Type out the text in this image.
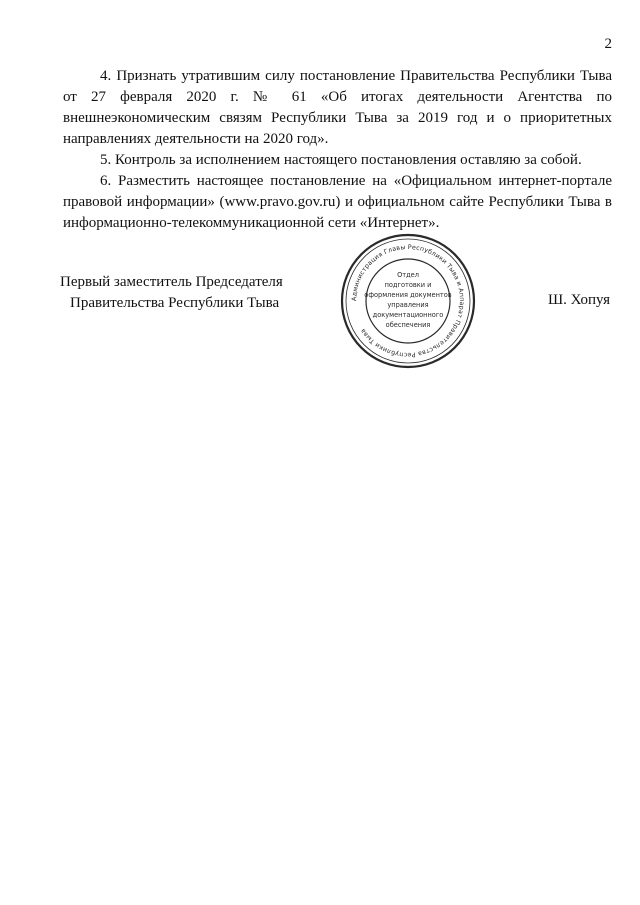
2

4. Признать утратившим силу постановление Правительства Республики Тыва от 27 февраля 2020 г. № 61 «Об итогах деятельности Агентства по внешнеэкономическим связям Республики Тыва за 2019 год и о приоритетных направлениях деятельности на 2020 год».

5. Контроль за исполнением настоящего постановления оставляю за собой.

6. Разместить настоящее постановление на «Официальном интернет-портале правовой информации» (www.pravo.gov.ru) и официальном сайте Республики Тыва в информационно-телекоммуникационной сети «Интернет».

Первый заместитель Председателя
Правительства Республики Тыва	Ш. Хопуя
Администрация Главы Республики Тыва и Аппарат Правительства Республики Тыва
Отдел
подготовки и
оформления документов
управления
документационного
обеспечения
